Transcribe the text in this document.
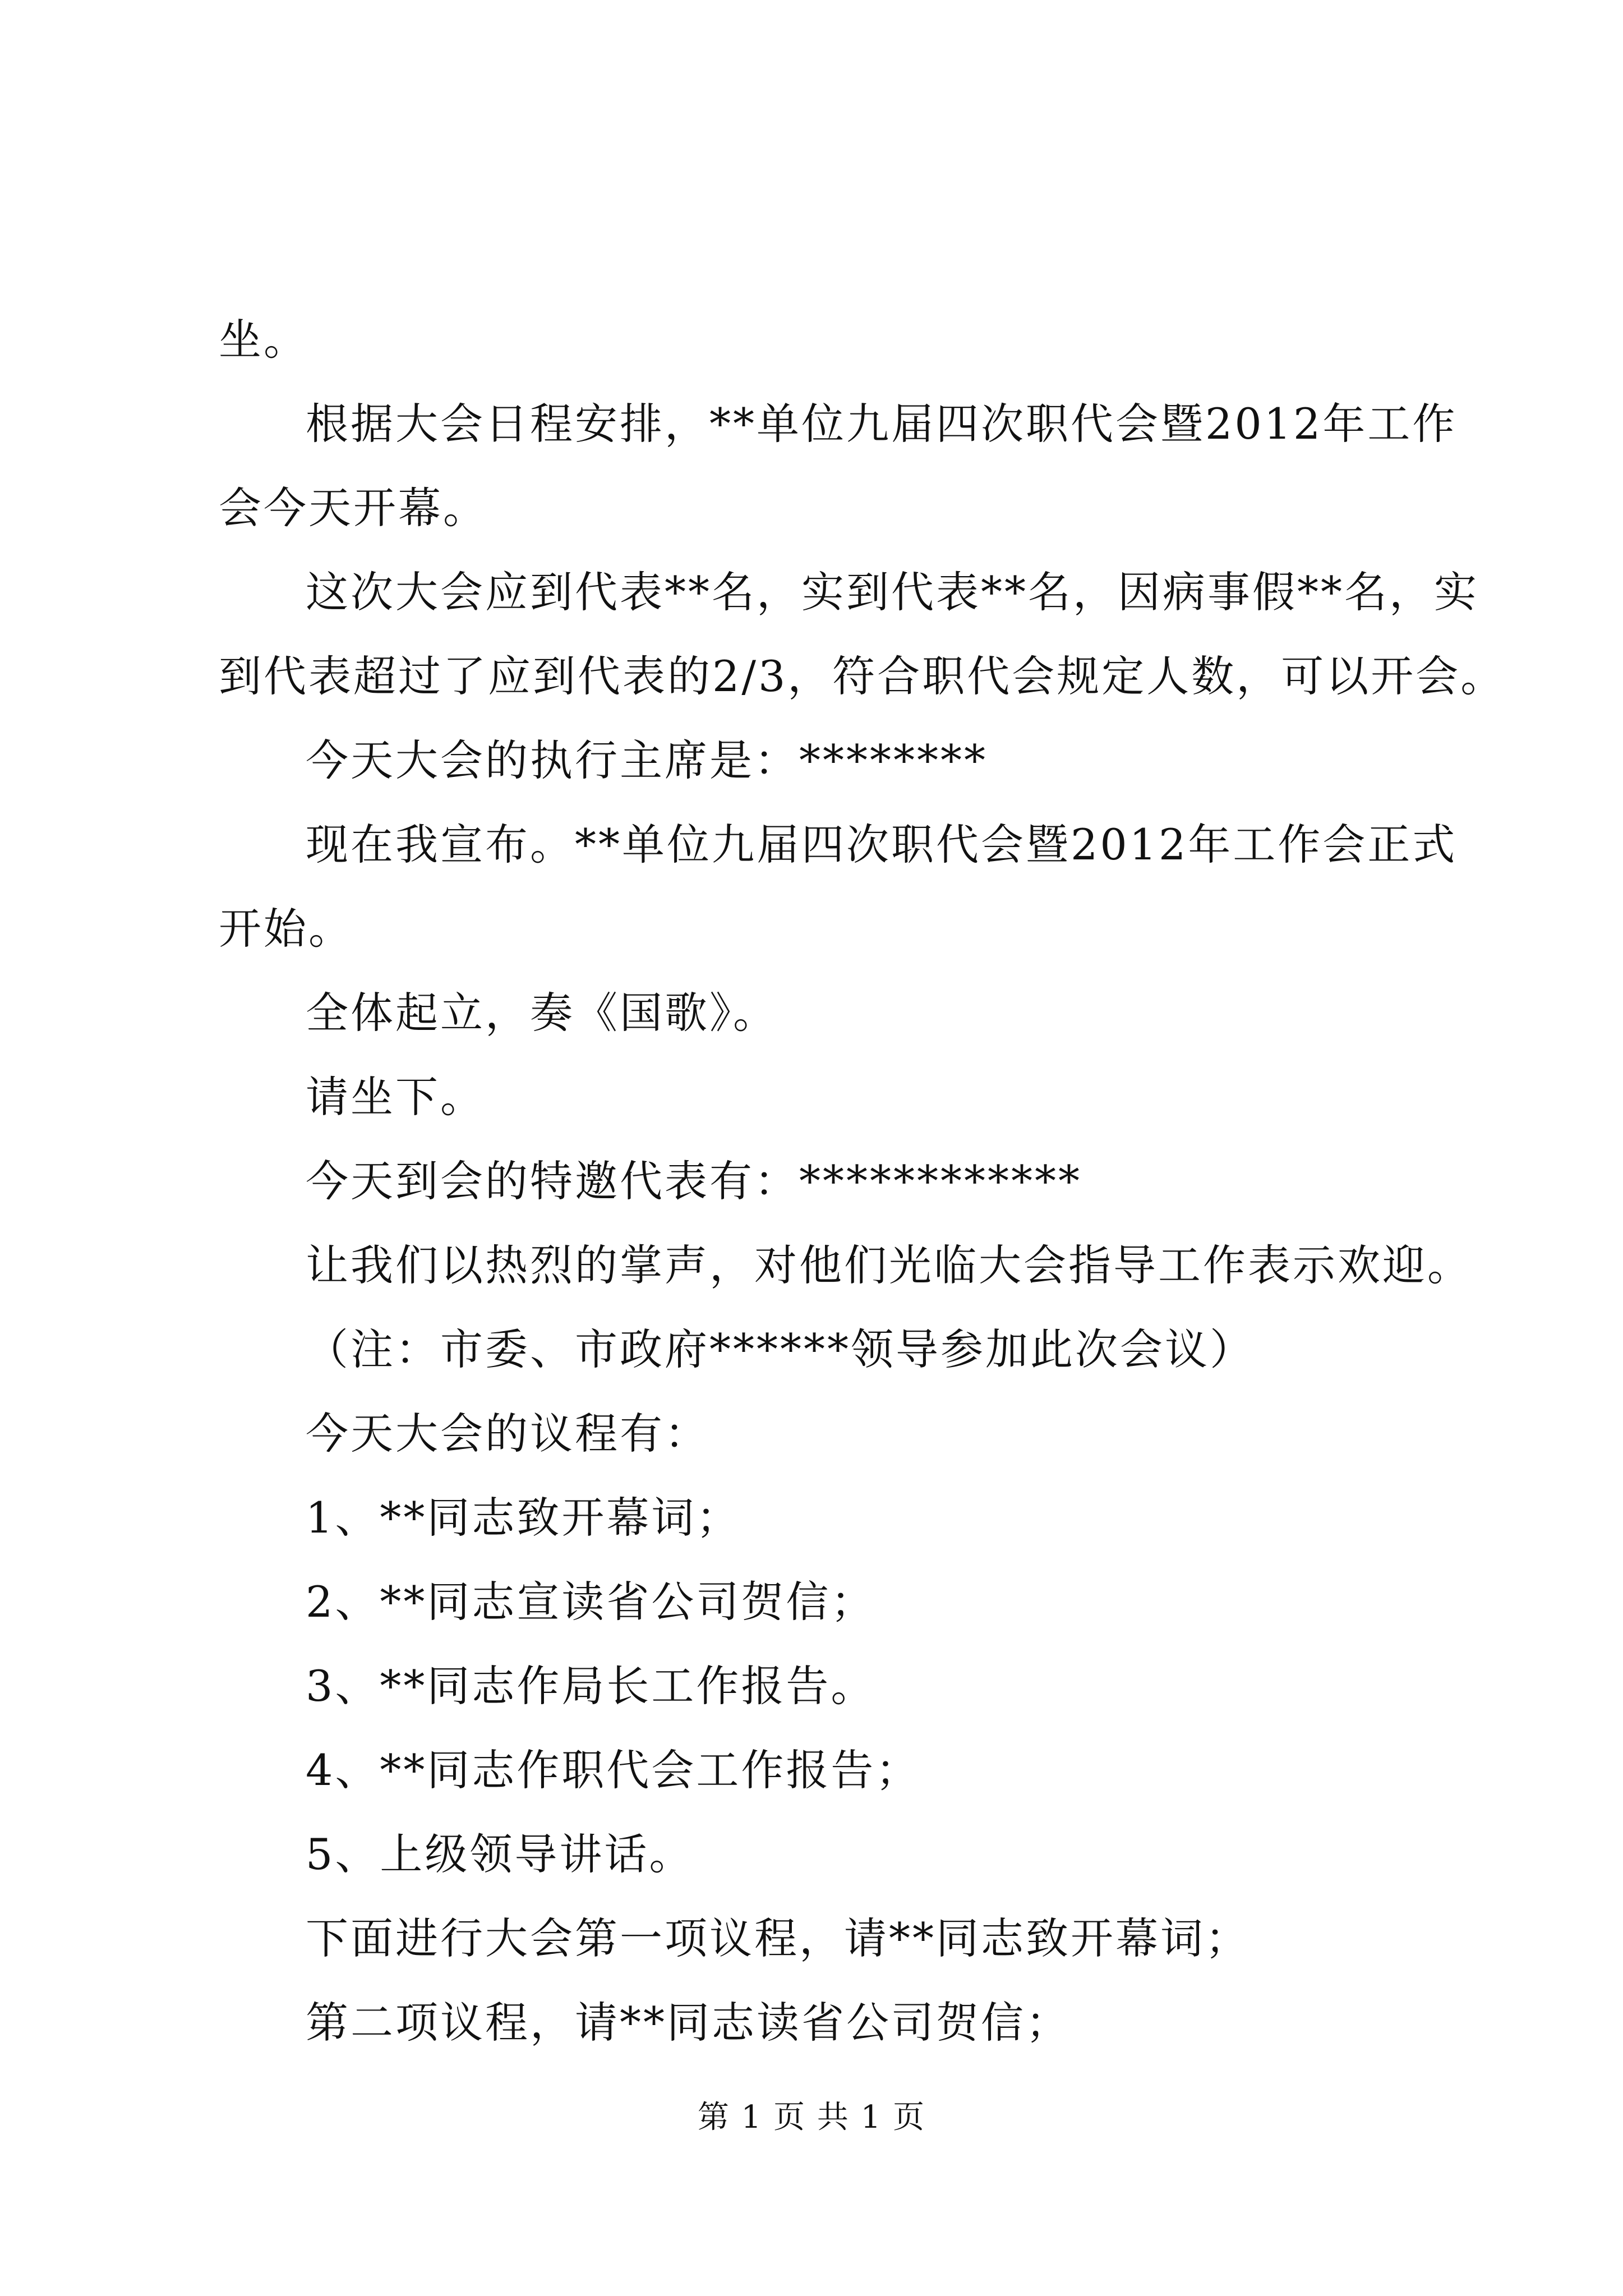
坐。
根据大会日程安排，**单位九届四次职代会暨2012年工作
会今天开幕。
这次大会应到代表**名，实到代表**名，因病事假**名，实
到代表超过了应到代表的2/3，符合职代会规定人数，可以开会。
今天大会的执行主席是：********
现在我宣布。**单位九届四次职代会暨2012年工作会正式
开始。
全体起立，奏《国歌》。
请坐下。
今天到会的特邀代表有：************
让我们以热烈的掌声，对他们光临大会指导工作表示欢迎。
（注：市委、市政府******领导参加此次会议）
今天大会的议程有：
1、**同志致开幕词；
2、**同志宣读省公司贺信；
3、**同志作局长工作报告。
4、**同志作职代会工作报告；
5、上级领导讲话。
下面进行大会第一项议程，请**同志致开幕词；
第二项议程，请**同志读省公司贺信；
第 1 页 共 1 页
